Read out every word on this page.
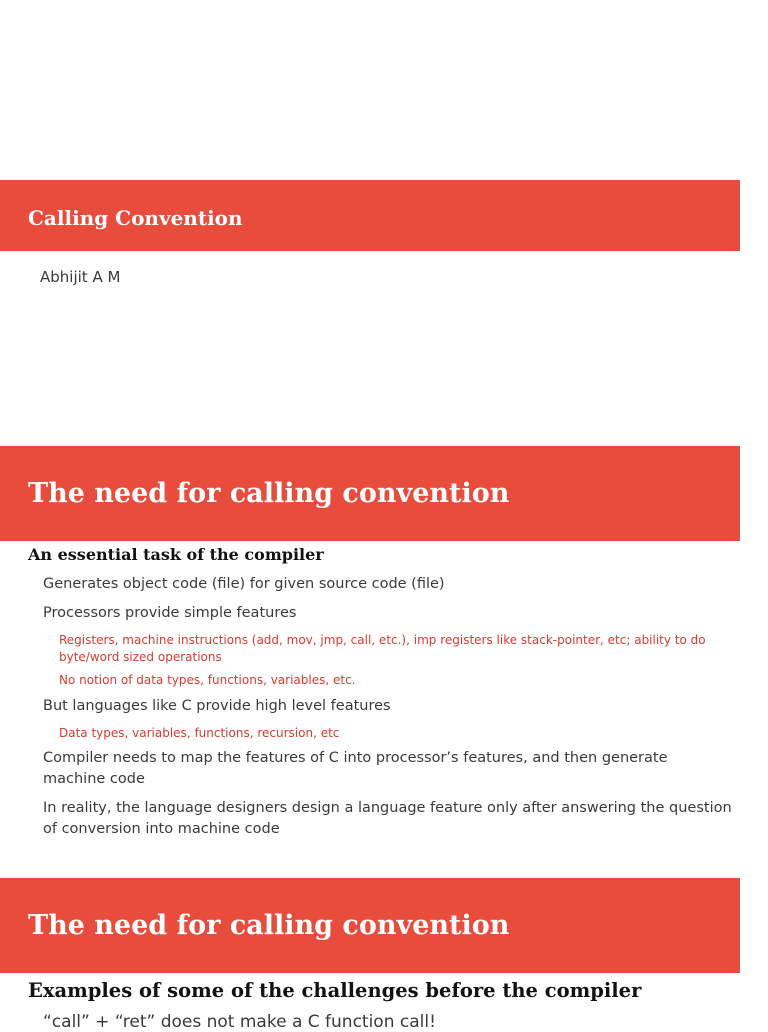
Calling Convention
Abhijit A M
The need for calling convention
An essential task of the compiler
Generates object code (file) for given source code (file)
Processors provide simple features
Registers, machine instructions (add, mov, jmp, call, etc.), imp registers like stack-pointer, etc; ability to do byte/word sized operations
No notion of data types, functions, variables, etc.
But languages like C provide high level features
Data types, variables, functions, recursion, etc
Compiler needs to map the features of C into processor’s features, and then generate machine code
In reality, the language designers design a language feature only after answering the question of conversion into machine code
The need for calling convention
Examples of some of the challenges before the compiler
“call” + “ret” does not make a C function call!
